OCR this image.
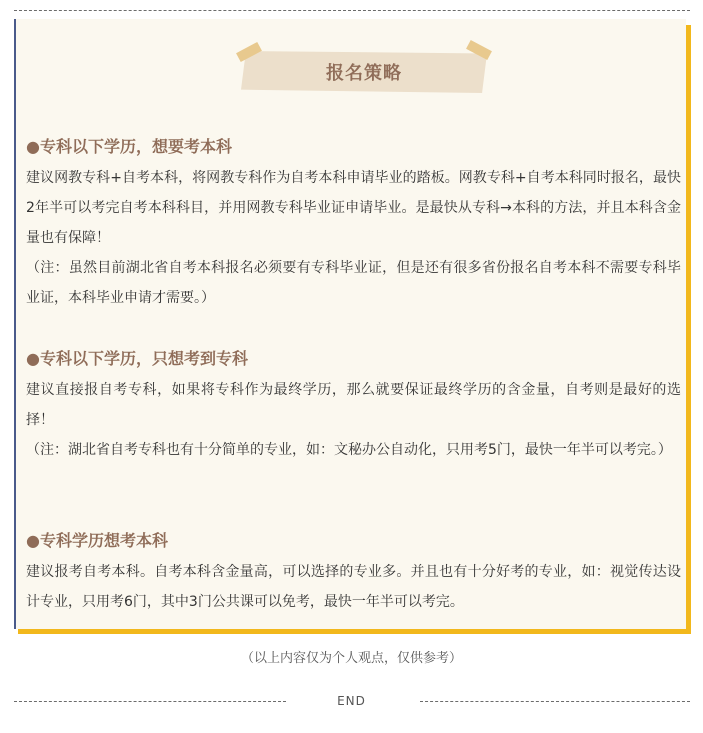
报名策略
●专科以下学历，想要考本科

建议网教专科+自考本科，将网教专科作为自考本科申请毕业的踏板。网教专科+自考本科同时报名，最快2年半可以考完自考本科科目，并用网教专科毕业证申请毕业。是最快从专科→本科的方法，并且本科含金量也有保障！

（注：虽然目前湖北省自考本科报名必须要有专科毕业证，但是还有很多省份报名自考本科不需要专科毕业证，本科毕业申请才需要。）

●专科以下学历，只想考到专科

建议直接报自考专科，如果将专科作为最终学历，那么就要保证最终学历的含金量，自考则是最好的选择！

（注：湖北省自考专科也有十分简单的专业，如：文秘办公自动化，只用考5门，最快一年半可以考完。）

●专科学历想考本科

建议报考自考本科。自考本科含金量高，可以选择的专业多。并且也有十分好考的专业，如：视觉传达设计专业，只用考6门，其中3门公共课可以免考，最快一年半可以考完。

（以上内容仅为个人观点，仅供参考）
END
